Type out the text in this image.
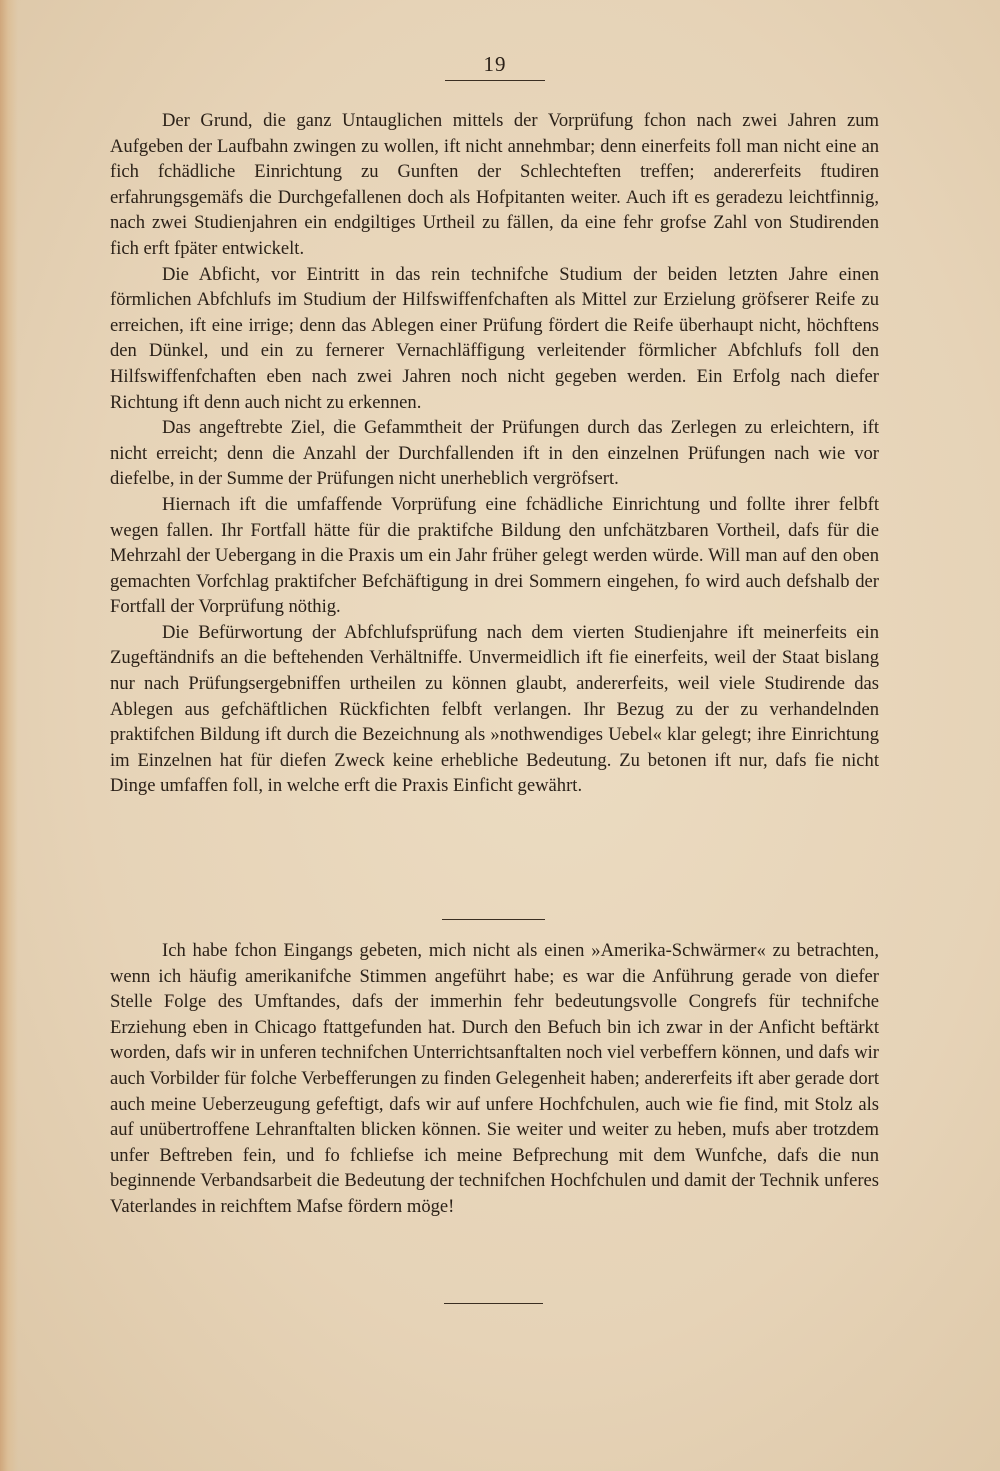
19

Der Grund, die ganz Untauglichen mittels der Vorprüfung fchon nach zwei Jahren zum Aufgeben der Laufbahn zwingen zu wollen, ift nicht annehmbar; denn einerfeits foll man nicht eine an fich fchädliche Einrichtung zu Gunften der Schlechteften treffen; andererfeits ftudiren erfahrungsgemäfs die Durchgefallenen doch als Hofpitanten weiter. Auch ift es geradezu leichtfinnig, nach zwei Studienjahren ein endgiltiges Urtheil zu fällen, da eine fehr grofse Zahl von Studirenden fich erft fpäter entwickelt.

Die Abficht, vor Eintritt in das rein technifche Studium der beiden letzten Jahre einen förmlichen Abfchlufs im Studium der Hilfswiffenfchaften als Mittel zur Erzielung gröfserer Reife zu erreichen, ift eine irrige; denn das Ablegen einer Prüfung fördert die Reife überhaupt nicht, höchftens den Dünkel, und ein zu fernerer Vernachläffigung verleitender förmlicher Abfchlufs foll den Hilfswiffenfchaften eben nach zwei Jahren noch nicht gegeben werden. Ein Erfolg nach diefer Richtung ift denn auch nicht zu erkennen.

Das angeftrebte Ziel, die Gefammtheit der Prüfungen durch das Zerlegen zu erleichtern, ift nicht erreicht; denn die Anzahl der Durchfallenden ift in den einzelnen Prüfungen nach wie vor diefelbe, in der Summe der Prüfungen nicht unerheblich vergröfsert.

Hiernach ift die umfaffende Vorprüfung eine fchädliche Einrichtung und follte ihrer felbft wegen fallen. Ihr Fortfall hätte für die praktifche Bildung den unfchätzbaren Vortheil, dafs für die Mehrzahl der Uebergang in die Praxis um ein Jahr früher gelegt werden würde. Will man auf den oben gemachten Vorfchlag praktifcher Befchäftigung in drei Sommern eingehen, fo wird auch defshalb der Fortfall der Vorprüfung nöthig.

Die Befürwortung der Abfchlufsprüfung nach dem vierten Studienjahre ift meinerfeits ein Zugeftändnifs an die beftehenden Verhältniffe. Unvermeidlich ift fie einerfeits, weil der Staat bislang nur nach Prüfungsergebniffen urtheilen zu können glaubt, andererfeits, weil viele Studirende das Ablegen aus gefchäftlichen Rückfichten felbft verlangen. Ihr Bezug zu der zu verhandelnden praktifchen Bildung ift durch die Bezeichnung als »nothwendiges Uebel« klar gelegt; ihre Einrichtung im Einzelnen hat für diefen Zweck keine erhebliche Bedeutung. Zu betonen ift nur, dafs fie nicht Dinge umfaffen foll, in welche erft die Praxis Einficht gewährt.

Ich habe fchon Eingangs gebeten, mich nicht als einen »Amerika-Schwärmer« zu betrachten, wenn ich häufig amerikanifche Stimmen angeführt habe; es war die Anführung gerade von diefer Stelle Folge des Umftandes, dafs der immerhin fehr bedeutungsvolle Congrefs für technifche Erziehung eben in Chicago ftattgefunden hat. Durch den Befuch bin ich zwar in der Anficht beftärkt worden, dafs wir in unferen technifchen Unterrichtsanftalten noch viel verbeffern können, und dafs wir auch Vorbilder für folche Verbefferungen zu finden Gelegenheit haben; andererfeits ift aber gerade dort auch meine Ueberzeugung gefeftigt, dafs wir auf unfere Hochfchulen, auch wie fie find, mit Stolz als auf unübertroffene Lehranftalten blicken können. Sie weiter und weiter zu heben, mufs aber trotzdem unfer Beftreben fein, und fo fchliefse ich meine Befprechung mit dem Wunfche, dafs die nun beginnende Verbandsarbeit die Bedeutung der technifchen Hochfchulen und damit der Technik unferes Vaterlandes in reichftem Mafse fördern möge!
